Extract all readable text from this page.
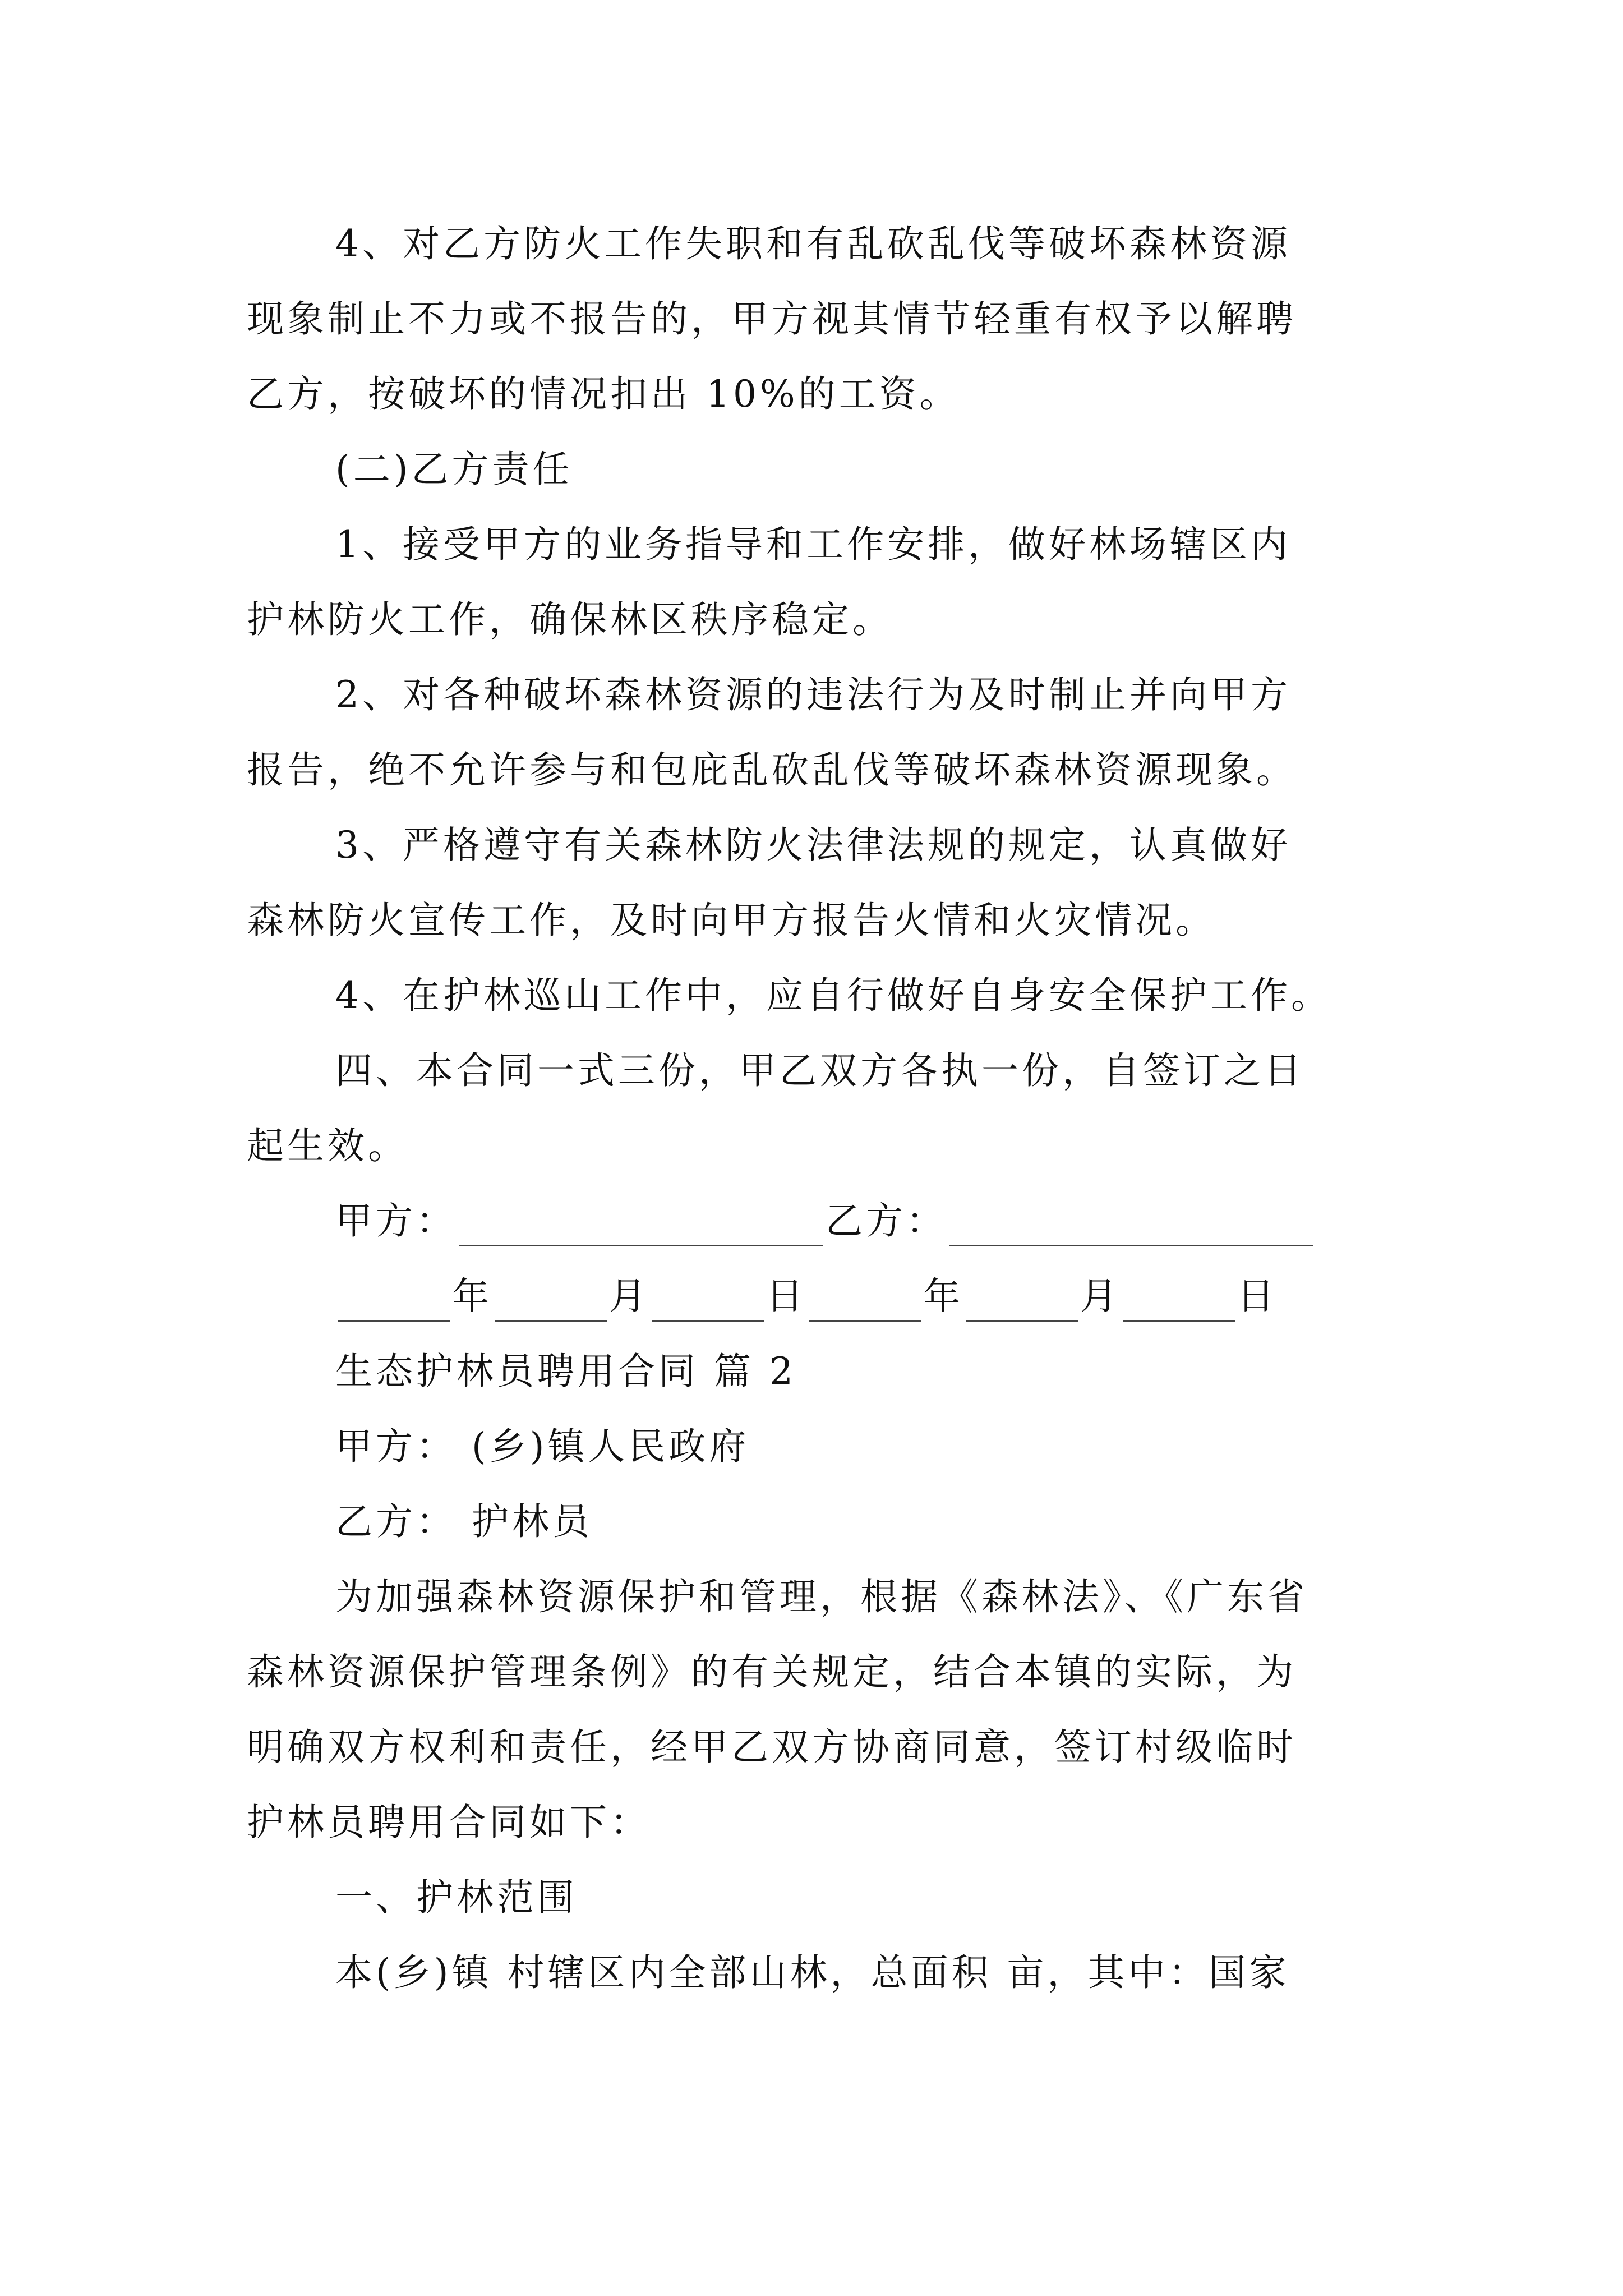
4、对乙方防火工作失职和有乱砍乱伐等破坏森林资源
现象制止不力或不报告的，甲方视其情节轻重有权予以解聘
乙方，按破坏的情况扣出 10%的工资。
(二)乙方责任
1、接受甲方的业务指导和工作安排，做好林场辖区内
护林防火工作，确保林区秩序稳定。
2、对各种破坏森林资源的违法行为及时制止并向甲方
报告，绝不允许参与和包庇乱砍乱伐等破坏森林资源现象。
3、严格遵守有关森林防火法律法规的规定，认真做好
森林防火宣传工作，及时向甲方报告火情和火灾情况。
4、在护林巡山工作中，应自行做好自身安全保护工作。
四、本合同一式三份，甲乙双方各执一份，自签订之日
起生效。
甲方：	乙方：
年	月	日	年	月	日
生态护林员聘用合同 篇 2
甲方： (乡)镇人民政府
乙方： 护林员
为加强森林资源保护和管理，根据《森林法》、《广东省
森林资源保护管理条例》的有关规定，结合本镇的实际，为
明确双方权利和责任，经甲乙双方协商同意，签订村级临时
护林员聘用合同如下：
一、护林范围
本(乡)镇 村辖区内全部山林，总面积 亩，其中：国家
